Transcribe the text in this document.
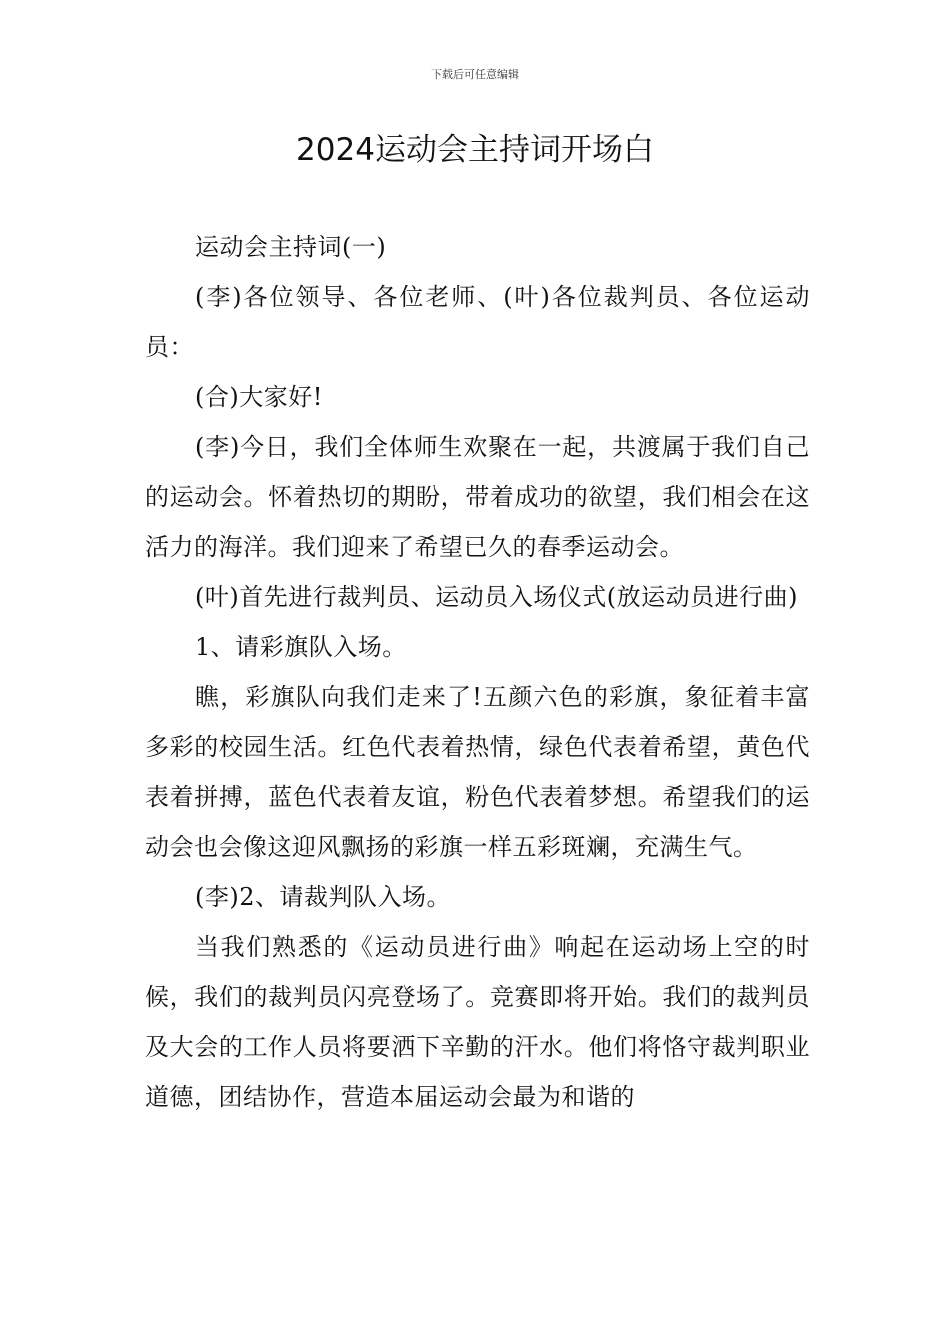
下载后可任意编辑
2024运动会主持词开场白

运动会主持词(一)

(李)各位领导、各位老师、(叶)各位裁判员、各位运动员：

(合)大家好!

(李)今日，我们全体师生欢聚在一起，共渡属于我们自己的运动会。怀着热切的期盼，带着成功的欲望，我们相会在这活力的海洋。我们迎来了希望已久的春季运动会。

(叶)首先进行裁判员、运动员入场仪式(放运动员进行曲)

1、请彩旗队入场。

瞧，彩旗队向我们走来了!五颜六色的彩旗，象征着丰富多彩的校园生活。红色代表着热情，绿色代表着希望，黄色代表着拼搏，蓝色代表着友谊，粉色代表着梦想。希望我们的运动会也会像这迎风飘扬的彩旗一样五彩斑斓，充满生气。

(李)2、请裁判队入场。

当我们熟悉的《运动员进行曲》响起在运动场上空的时候，我们的裁判员闪亮登场了。竞赛即将开始。我们的裁判员及大会的工作人员将要洒下辛勤的汗水。他们将恪守裁判职业道德，团结协作，营造本届运动会最为和谐的
